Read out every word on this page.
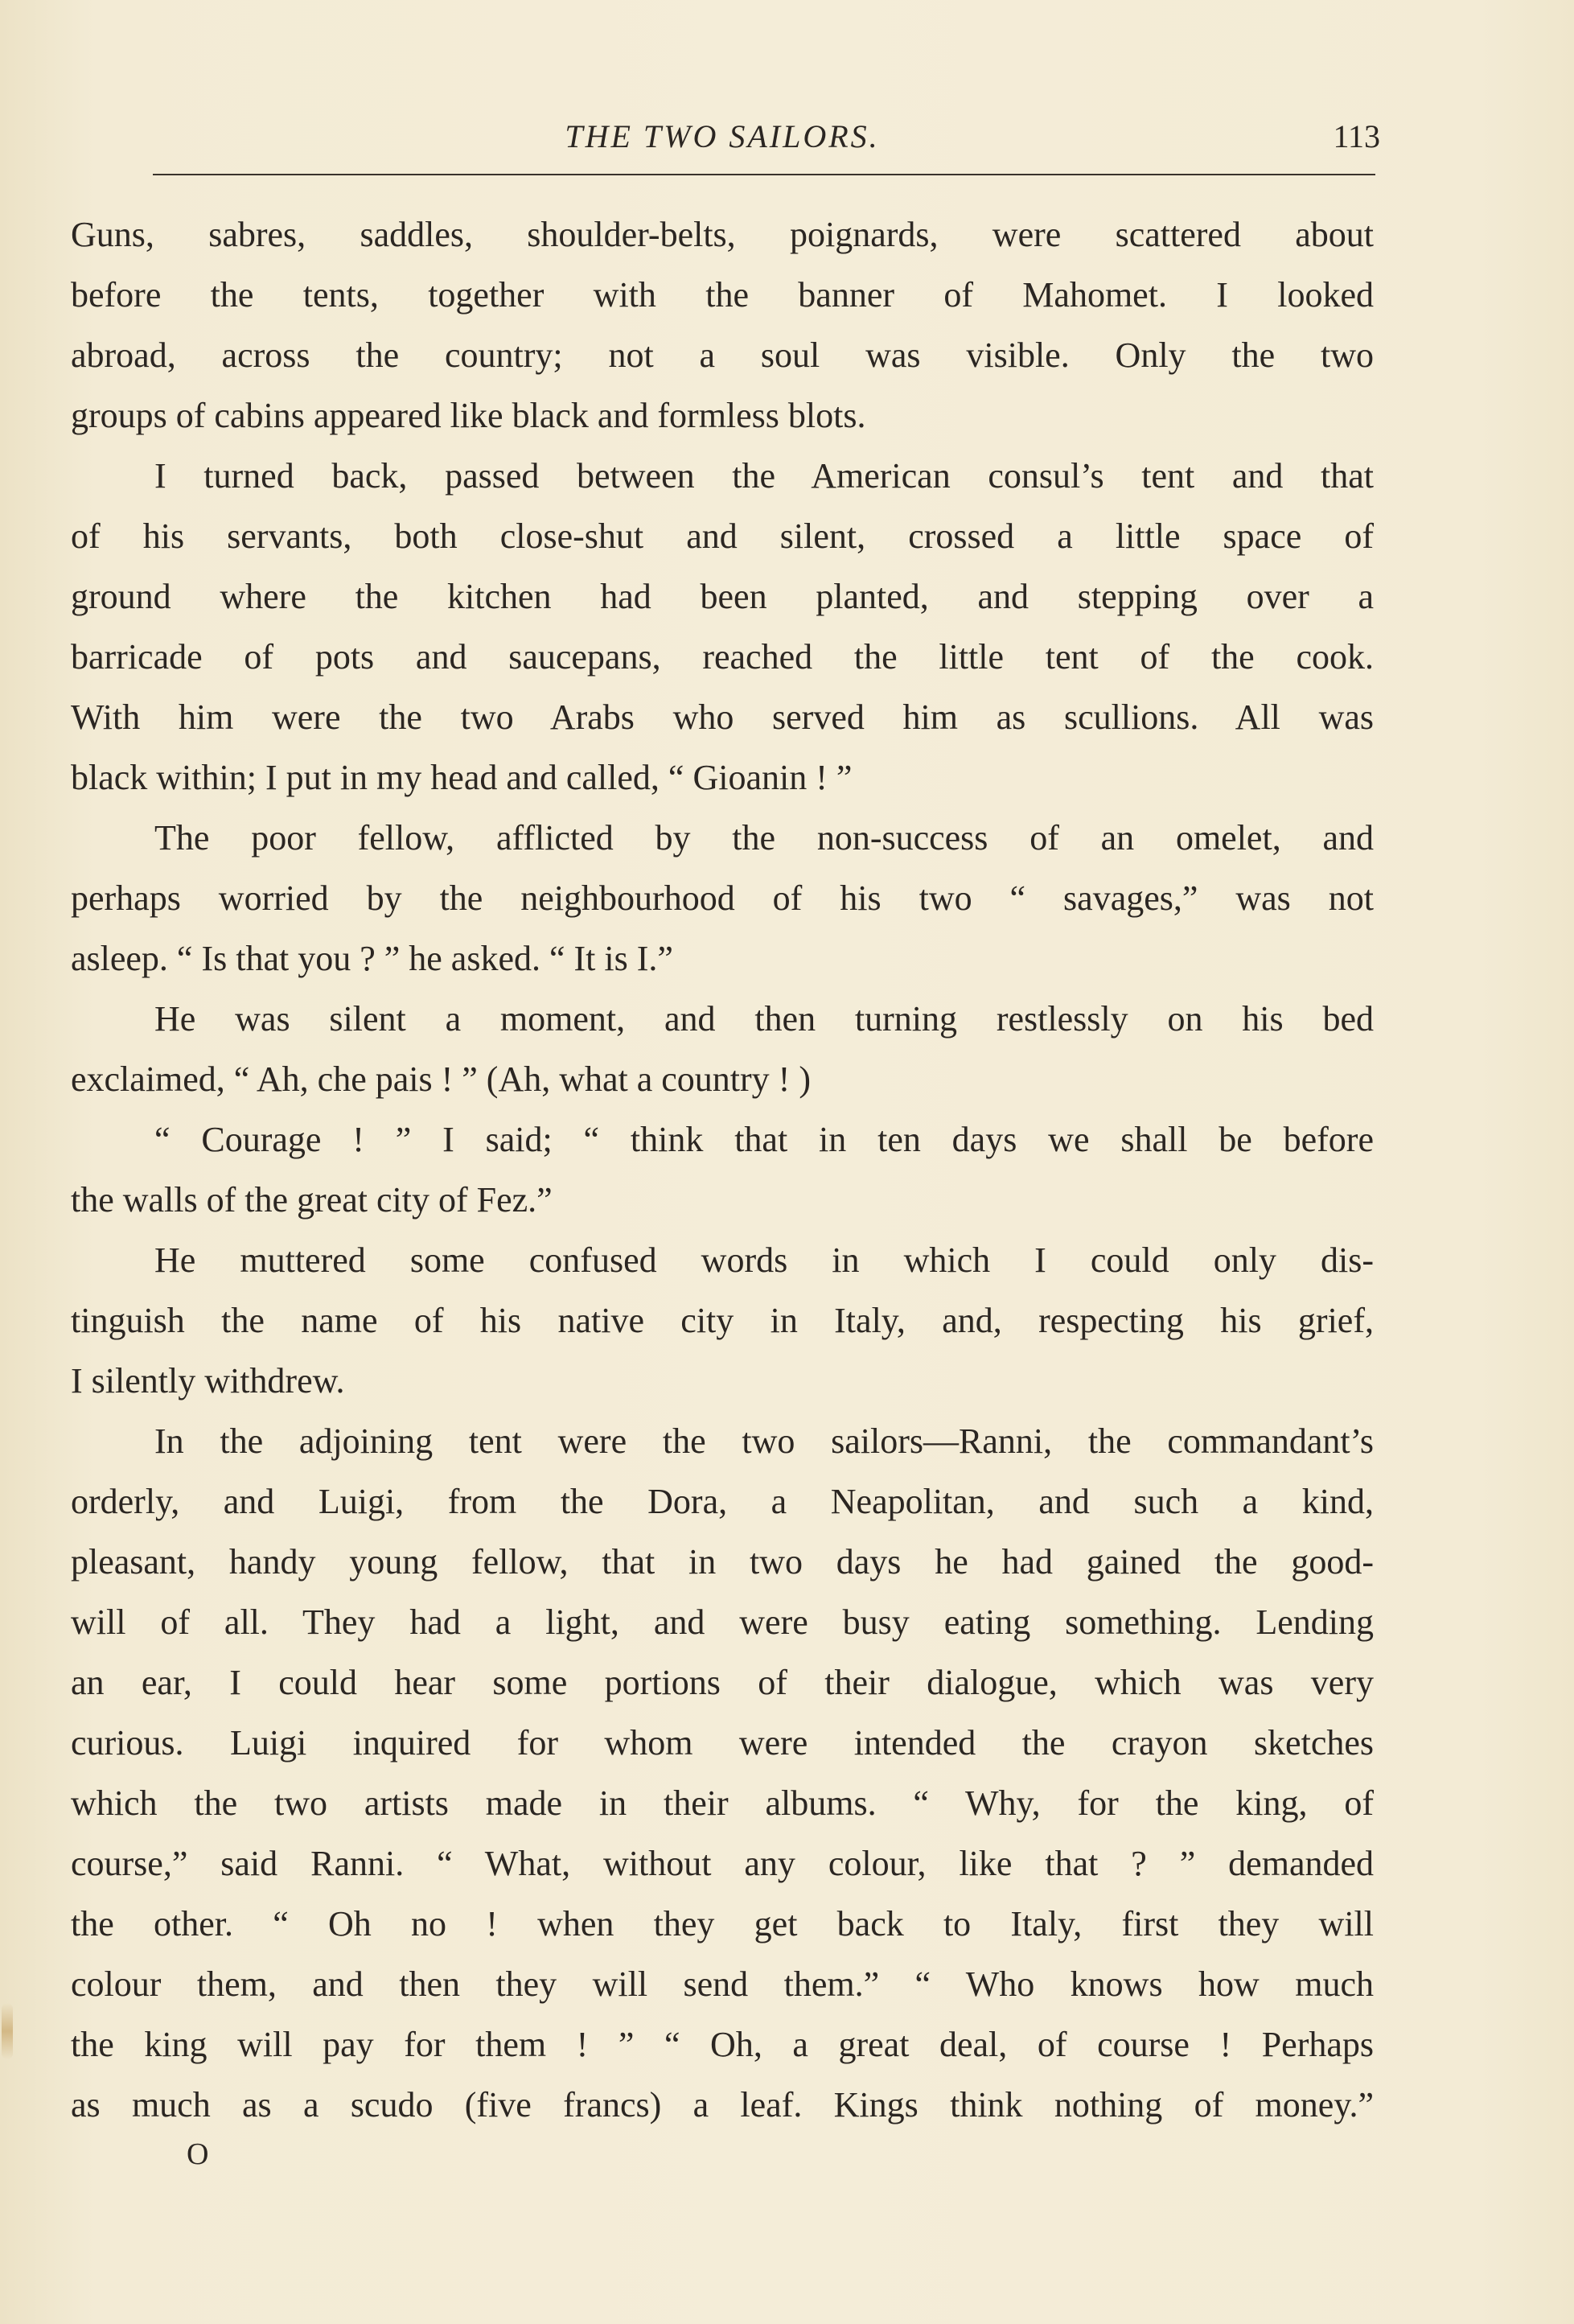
THE TWO SAILORS.	113
Guns, sabres, saddles, shoulder-belts, poignards, were scattered about
before the tents, together with the banner of Mahomet. I looked
abroad, across the country; not a soul was visible. Only the two
groups of cabins appeared like black and formless blots.
I turned back, passed between the American consul’s tent and that
of his servants, both close-shut and silent, crossed a little space of
ground where the kitchen had been planted, and stepping over a
barricade of pots and saucepans, reached the little tent of the cook.
With him were the two Arabs who served him as scullions. All was
black within; I put in my head and called, “ Gioanin ! ”
The poor fellow, afflicted by the non-success of an omelet, and
perhaps worried by the neighbourhood of his two “ savages,” was not
asleep. “ Is that you ? ” he asked. “ It is I.”
He was silent a moment, and then turning restlessly on his bed
exclaimed, “ Ah, che pais ! ” (Ah, what a country ! )
“ Courage ! ” I said; “ think that in ten days we shall be before
the walls of the great city of Fez.”
He muttered some confused words in which I could only dis-
tinguish the name of his native city in Italy, and, respecting his grief,
I silently withdrew.
In the adjoining tent were the two sailors—Ranni, the commandant’s
orderly, and Luigi, from the Dora, a Neapolitan, and such a kind,
pleasant, handy young fellow, that in two days he had gained the good-
will of all. They had a light, and were busy eating something. Lending
an ear, I could hear some portions of their dialogue, which was very
curious. Luigi inquired for whom were intended the crayon sketches
which the two artists made in their albums. “ Why, for the king, of
course,” said Ranni. “ What, without any colour, like that ? ” demanded
the other. “ Oh no ! when they get back to Italy, first they will
colour them, and then they will send them.” “ Who knows how much
the king will pay for them ! ” “ Oh, a great deal, of course ! Perhaps
as much as a scudo (five francs) a leaf. Kings think nothing of money.”
O
